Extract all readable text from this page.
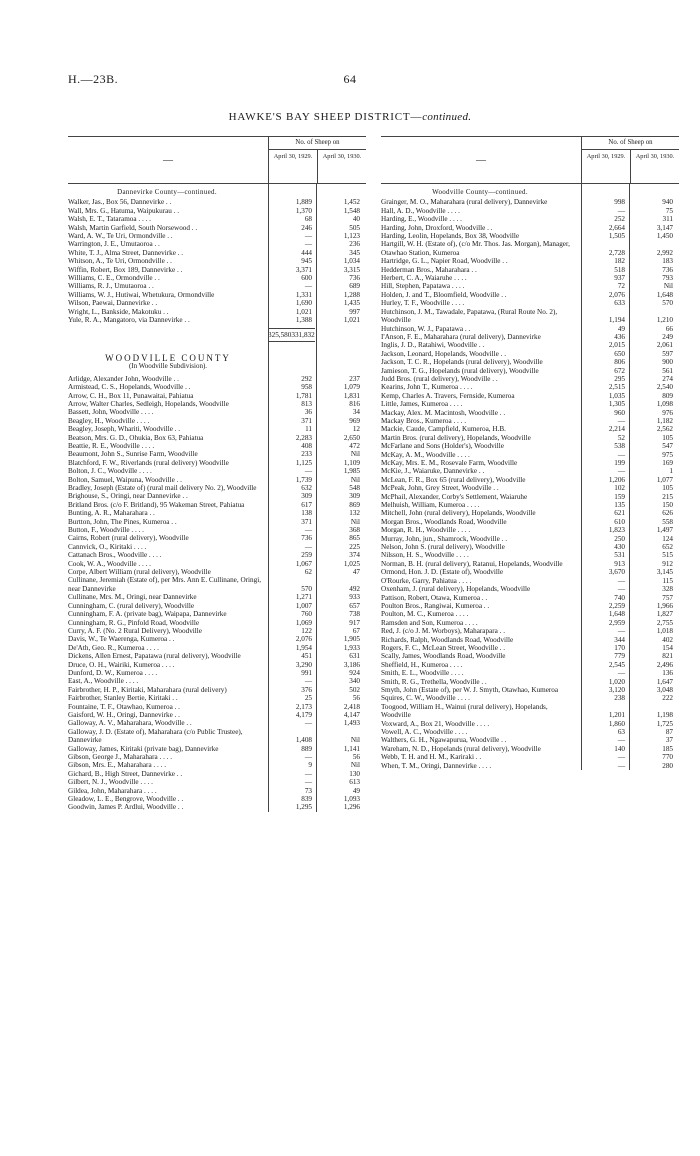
H.—23B.	64
HAWKE'S BAY SHEEP DISTRICT—continued.
—
No. of Sheep on
April 30, 1929.	April 30, 1930.
Dannevirke County—continued.
Walker, Jas., Box 56, Dannevirke . .	1,889	1,452
Wall, Mrs. G., Hatuma, Waipukurau . .	1,370	1,548
Walsh, E. T., Tataramoa . . . .	68	40
Walsh, Martin Garfield, South Norsewood . .	246	505
Ward, A. W., Te Uri, Ormondville . .	—	1,123
Warrington, J. E., Umutaoroa . .	—	236
White, T. J., Alma Street, Dannevirke . .	444	345
Whitson, A., Te Uri, Ormondville . .	945	1,034
Wiffin, Robert, Box 189, Dannevirke . .	3,371	3,315
Williams, C. E., Ormondville . .	600	736
Williams, R. J., Umutaoroa . .	—	689
Williams, W. J., Hutiwai, Whetukura, Ormondville	1,331	1,288
Wilson, Paewai, Dannevirke . .	1,690	1,435
Wright, L., Bankside, Makotuku . .	1,021	997
Yule, R. A., Mangatoro, via Dannevirke . .	1,388	1,021
325,580 331,832
WOODVILLE COUNTY
(In Woodville Subdivision).
Arlidge, Alexander John, Woodville . .	292	237
Armistead, C. S., Hopelands, Woodville . .	958	1,079
Arrow, C. H., Box 11, Punawaitai, Pahiatua	1,781	1,831
Arrow, Walter Charles, Sedleigh, Hopelands, Woodville	813	816
Bassett, John, Woodville . . . .	36	34
Beagley, H., Woodville . . . .	371	969
Beagley, Joseph, Whariti, Woodville . .	11	12
Beatson, Mrs. G. D., Ohukia, Box 63, Pahiatua	2,283	2,650
Beattie, R. E., Woodville . . . .	408	472
Beaumont, John S., Sunrise Farm, Woodville	233	Nil
Blatchford, F. W., Riverlands (rural delivery) Woodville	1,125	1,109
Bolton, J. C., Woodville . . . .	—	1,985
Bolton, Samuel, Waipuna, Woodville . .	1,739	Nil
Bradley, Joseph (Estate of) (rural mail delivery No. 2), Woodville	632	548
Brighouse, S., Oringi, near Dannevirke . .	309	309
Britland Bros. (c/o F. Britland), 95 Wakeman Street, Pahiatua	617	869
Bunting, A. R., Maharahara . .	138	132
Burtton, John, The Pines, Kumeroa . .	371	Nil
Button, F., Woodville . . . .	—	368
Cairns, Robert (rural delivery), Woodville	736	865
Cannvick, O., Kiritaki . . . .	—	225
Cattanach Bros., Woodville . . . .	259	374
Cook, W. A., Woodville . . . .	1,067	1,025
Corpe, Albert William (rural delivery), Woodville	62	47
Cullinane, Jeremiah (Estate of), per Mrs. Ann E. Cullinane, Oringi, near Dannevirke	570	492
Cullinane, Mrs. M., Oringi, near Dannevirke	1,271	933
Cunningham, C. (rural delivery), Woodville	1,007	657
Cunningham, F. A. (private bag), Waipapa, Dannevirke	760	738
Cunningham, R. G., Pinfold Road, Woodville	1,069	917
Curry, A. F. (No. 2 Rural Delivery), Woodville	122	67
Davis, W., Te Waerenga, Kumeroa . .	2,076	1,905
De'Ath, Geo. R., Kumeroa . . . .	1,954	1,933
Dickens, Allen Ernest, Papatawa (rural delivery), Woodville	451	631
Druce, O. H., Wairiki, Kumeroa . . . .	3,290	3,186
Dunford, D. W., Kumeroa . . . .	991	924
East, A., Woodville . . . .	—	340
Fairbrother, H. P., Kiritaki, Maharahara (rural delivery)	376	502
Fairbrother, Stanley Bertie, Kiritaki . .	25	56
Fountaine, T. F., Otawhao, Kumeroa . .	2,173	2,418
Gaisford, W. H., Oringi, Dannevirke . .	4,179	4,147
Galloway, A. V., Maharahara, Woodville . .	—	1,493
Galloway, J. D. (Estate of), Maharahara (c/o Public Trustee), Dannevirke	1,408	Nil
Galloway, James, Kiritaki (private bag), Dannevirke	889	1,141
Gibson, George J., Maharahara . . . .	—	56
Gibson, Mrs. E., Maharahara . . . .	9	Nil
Gichard, B., High Street, Dannevirke . .	—	130
Gilbert, N. J., Woodville . . . .	—	613
Gildea, John, Maharahara . . . .	73	49
Gleadow, L. E., Bengrove, Woodville . .	839	1,093
Goodwin, James P. Ardlui, Woodville . .	1,295	1,296
—
No. of Sheep on
April 30, 1929.	April 30, 1930.
Woodville County—continued.
Grainger, M. O., Maharahara (rural delivery), Dannevirke	998	940
Hall, A. D., Woodville . . . .	—	75
Harding, E., Woodville . . . .	252	311
Harding, John, Droxford, Woodville . .	2,664	3,147
Harding, Leolin, Hopelands, Box 38, Woodville	1,505	1,450
Hartgill, W. H. (Estate of), (c/o Mr. Thos. Jas. Morgan), Manager, Otawhao Station, Kumeroa	2,728	2,992
Hartridge, G. L., Napier Road, Woodville . .	182	183
Hedderman Bros., Maharahara . .	518	736
Herbert, C. A., Waiaruhe . . . .	937	793
Hill, Stephen, Papatawa . . . .	72	Nil
Holden, J. and T., Bloomfield, Woodville . .	2,076	1,648
Hurley, T. F., Woodville . . . .	633	570
Hutchinson, J. M., Tawadale, Papatawa, (Rural Route No. 2), Woodville	1,194	1,210
Hutchinson, W. J., Papatawa . .	49	66
I'Anson, F. E., Maharahara (rural delivery), Dannevirke	436	249
Inglis, J. D., Ratahiwi, Woodville . .	2,015	2,061
Jackson, Leonard, Hopelands, Woodville . .	650	597
Jackson, T. C. R., Hopelands (rural delivery), Woodville	806	900
Jamieson, T. G., Hopelands (rural delivery), Woodville	672	561
Judd Bros. (rural delivery), Woodville . .	295	274
Kearins, John T., Kumeroa . . . .	2,515	2,540
Kemp, Charles A. Travers, Fernside, Kumeroa	1,035	809
Little, James, Kumeroa . . . .	1,305	1,098
Mackay, Alex. M. Macintosh, Woodville . .	960	976
Mackay Bros., Kumeroa . . . .	—	1,182
Mackie, Caude, Campfield, Kumeroa, H.B.	2,214	2,562
Martin Bros. (rural delivery), Hopelands, Woodville	52	105
McFarlane and Sons (Holder's), Woodville	538	547
McKay, A. M., Woodville . . . .	—	975
McKay, Mrs. E. M., Rosevale Farm, Woodville	199	169
McKie, J., Waiaruke, Dannevirke . .	—	1
McLean, F. R., Box 65 (rural delivery), Woodville	1,206	1,077
McPeak, John, Grey Street, Woodville . .	102	105
McPhail, Alexander, Corby's Settlement, Waiaruhe	159	215
Melhuish, William, Kumeroa . . . .	135	150
Mitchell, John (rural delivery), Hopelands, Woodville	621	626
Morgan Bros., Woodlands Road, Woodville	610	558
Morgan, R. H., Woodville . . . .	1,823	1,497
Murray, John, jun., Shamrock, Woodville . .	250	124
Nelson, John S. (rural delivery), Woodville	430	652
Nilsson, H. S., Woodville . . . .	531	515
Norman, B. H. (rural delivery), Ratanui, Hopelands, Woodville	913	912
Ormond, Hon. J. D. (Estate of), Woodville	3,670	3,145
O'Rourke, Garry, Pahiatua . . . .	—	115
Oxenham, J. (rural delivery), Hopelands, Woodville	—	328
Pattison, Robert, Otawa, Kumeroa . .	740	757
Poulton Bros., Rangiwai, Kumeroa . .	2,259	1,966
Poulton, M. C., Kumeroa . . . .	1,648	1,827
Ramsden and Son, Kumeroa . . . .	2,959	2,755
Red, J. (c/o J. M. Worboys), Maharapara . .	—	1,018
Richards, Ralph, Woodlands Road, Woodville	344	402
Rogers, F. C., McLean Street, Woodville . .	170	154
Scally, James, Woodlands Road, Woodville	779	821
Sheffield, H., Kumeroa . . . .	2,545	2,496
Smith, E. L., Woodville . . . .	—	136
Smith, R. G., Trethella, Woodville . .	1,020	1,647
Smyth, John (Estate of), per W. J. Smyth, Otawhao, Kumeroa	3,120	3,048
Squires, C. W., Woodville . . . .	238	222
Toogood, William H., Wainui (rural delivery), Hopelands, Woodville	1,201	1,198
Voxward, A., Box 21, Woodville . . . .	1,860	1,725
Vowell, A. C., Woodville . . . .	63	87
Walthers, G. H., Ngawapurua, Woodville . .	—	37
Wareham, N. D., Hopelands (rural delivery), Woodville	140	185
Webb, T. H. and H. M., Kariraki . .	—	770
When, T. M., Oringi, Dannevirke . . . .	—	280
